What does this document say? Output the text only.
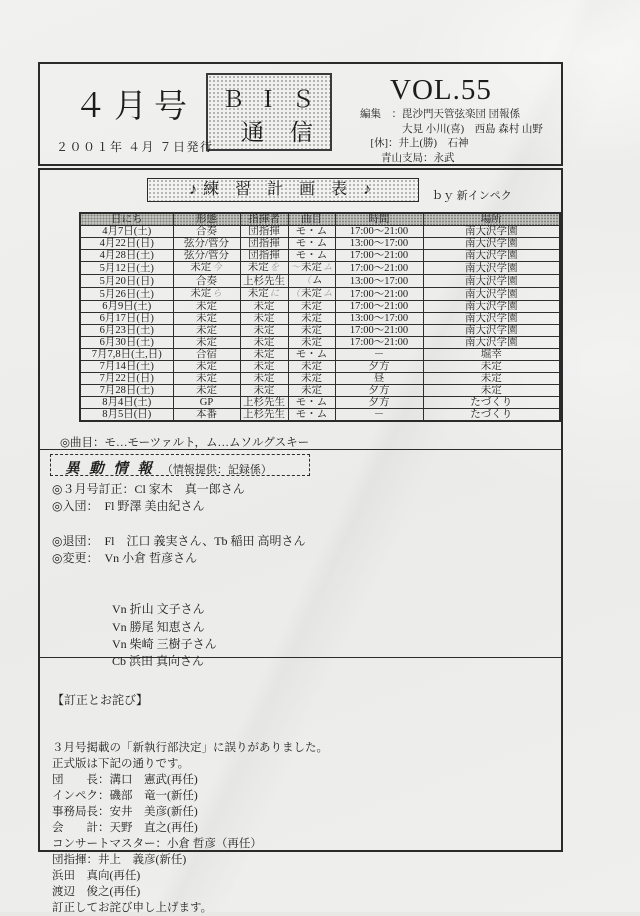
４月号	ＢＩＳ
通 信
VOL.55
編集　：毘沙門天管弦楽団 団報係
　　　　大見 小川(喜)　西島 森村 山野
　[休]：井上(勝)　石神
　　青山支局：永武
２００１年 ４月 ７日発行
♪練 習 計 画 表 ♪	ｂｙ 新インペク
日にち	形態	指揮者	曲目	時間	場所
4月7日(土)	合奏	団指揮	モ・ム	17:00～21:00	南大沢学園
4月22日(日)	弦分/管分	団指揮	モ・ム	13:00～17:00	南大沢学園
4月28日(土)	弦分/管分	団指揮	モ・ム	17:00～21:00	南大沢学園
5月12日(土)	未定今	未定を	〜未定ム	17:00～21:00	南大沢学園
5月20日(日)	合奏	上杉先生	（ム	13:00～17:00	南大沢学園
5月26日(土)	未定ら	未定に	（未定ム	17:00～21:00	南大沢学園
6月9日(土)	未定	未定	未定	17:00～21:00	南大沢学園
6月17日(日)	未定	未定	未定	13:00～17:00	南大沢学園
6月23日(土)	未定	未定	未定	17:00～21:00	南大沢学園
6月30日(土)	未定	未定	未定	17:00～21:00	南大沢学園
7月7,8日(土,日)	合宿	未定	モ・ム	－	堀幸
7月14日(土)	未定	未定	未定	夕方	未定
7月22日(日)	未定	未定	未定	昼	未定
7月28日(土)	未定	未定	未定	夕方	未定
8月4日(土)	GP	上杉先生	モ・ム	夕方	たづくり
8月5日(日)	本番	上杉先生	モ・ム	－	たづくり
◎曲目：モ…モーツァルト，ム…ムソルグスキー
異 動 情 報 （情報提供：記録係）
◎３月号訂正：Cl 家木　真一郎さん
◎入団：　Fl 野澤 美由紀さん

◎退団：　Fl　江口 義実さん、Tb 稲田 高明さん
◎変更：　Vn 小倉 哲彦さん

　　　　　Vn 折山 文子さん
　　　　　Vn 勝尾 知恵さん
　　　　　Vn 柴崎 三樹子さん
　　　　　Cb 浜田 真向さん

【訂正とお詫び】

３月号掲載の「新執行部決定」に誤りがありました。
正式版は下記の通りです。
団　　長：溝口　憲武(再任)
インペク：磯部　竜一(新任)
事務局長：安井　美彦(新任)
会　　計：天野　直之(再任)
コンサートマスター：小倉 哲彦（再任）
団指揮：井上　義彦(新任)
浜田　真向(再任)
渡辺　俊之(再任)
訂正してお詫び申し上げます。
